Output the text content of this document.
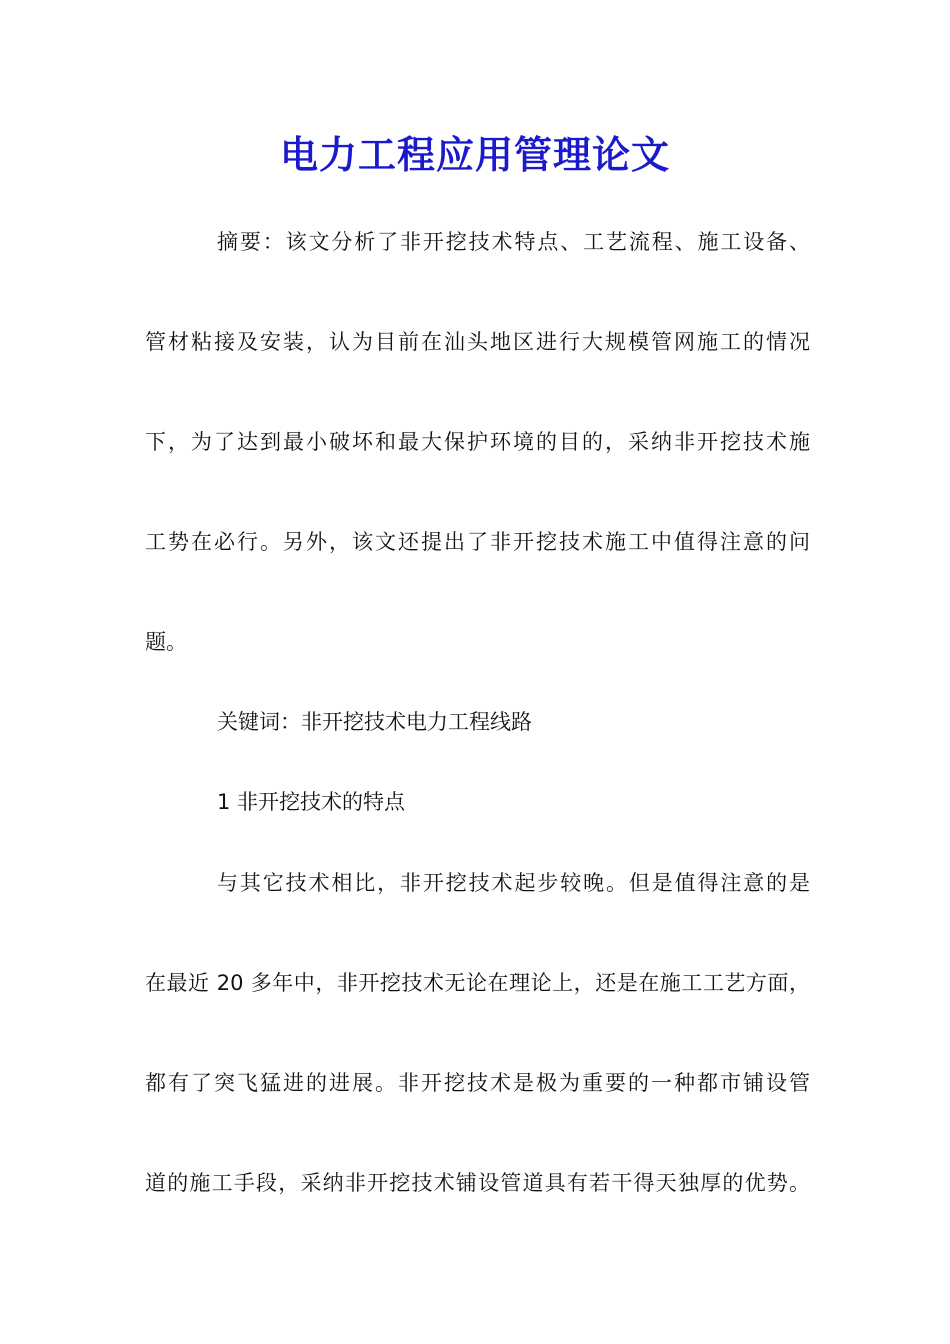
电力工程应用管理论文
摘要：该文分析了非开挖技术特点、工艺流程、施工设备、
管材粘接及安装，认为目前在汕头地区进行大规模管网施工的情况
下，为了达到最小破坏和最大保护环境的目的，采纳非开挖技术施
工势在必行。另外，该文还提出了非开挖技术施工中值得注意的问
题。
关键词：非开挖技术电力工程线路
1 非开挖技术的特点
与其它技术相比，非开挖技术起步较晚。但是值得注意的是
在最近 20 多年中，非开挖技术无论在理论上，还是在施工工艺方面，
都有了突飞猛进的进展。非开挖技术是极为重要的一种都市铺设管
道的施工手段，采纳非开挖技术铺设管道具有若干得天独厚的优势。
